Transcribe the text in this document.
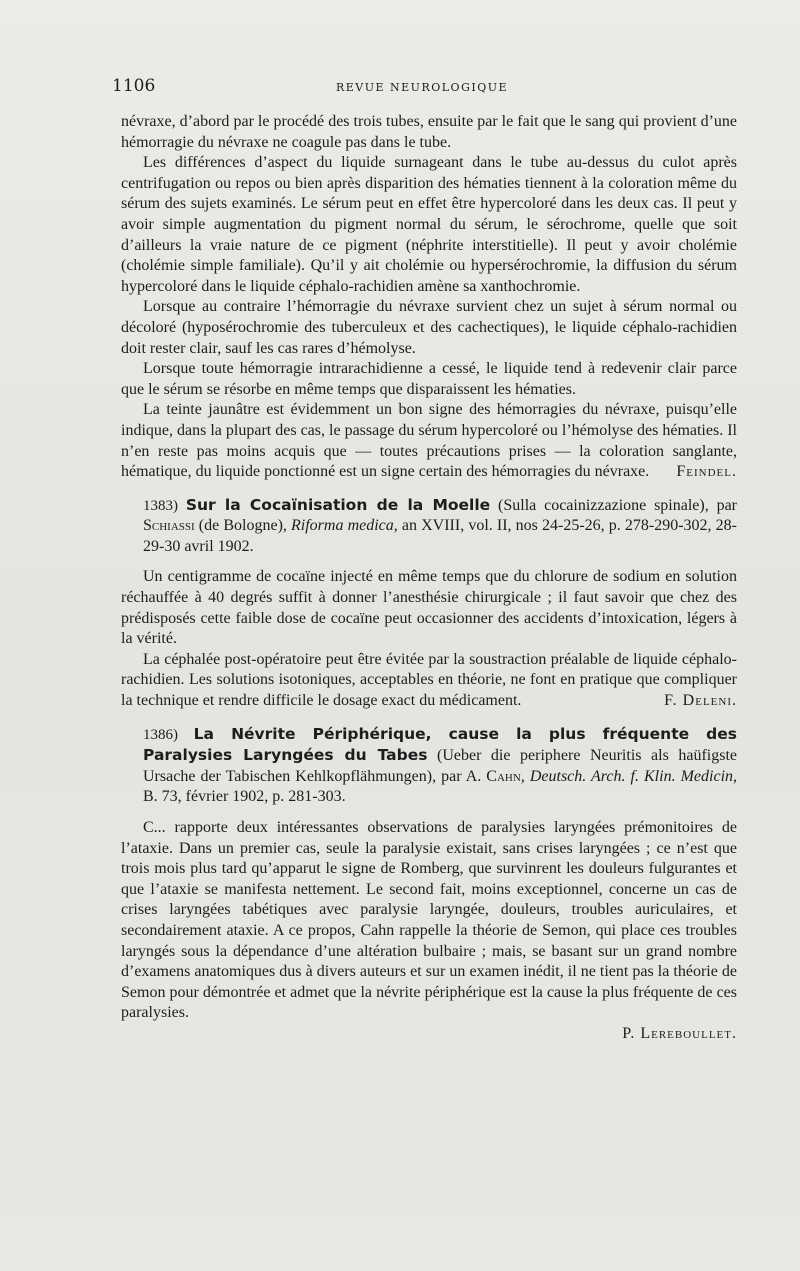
1106	REVUE NEUROLOGIQUE

névraxe, d’abord par le procédé des trois tubes, ensuite par le fait que le sang qui provient d’une hémorragie du névraxe ne coagule pas dans le tube.

Les différences d’aspect du liquide surnageant dans le tube au-dessus du culot après centrifugation ou repos ou bien après disparition des hématies tiennent à la coloration même du sérum des sujets examinés. Le sérum peut en effet être hypercoloré dans les deux cas. Il peut y avoir simple augmentation du pigment normal du sérum, le sérochrome, quelle que soit d’ailleurs la vraie nature de ce pigment (néphrite interstitielle). Il peut y avoir cholémie (cholémie simple familiale). Qu’il y ait cholémie ou hypersérochromie, la diffusion du sérum hypercoloré dans le liquide céphalo-rachidien amène sa xanthochromie.

Lorsque au contraire l’hémorragie du névraxe survient chez un sujet à sérum normal ou décoloré (hyposérochromie des tuberculeux et des cachectiques), le liquide céphalo-rachidien doit rester clair, sauf les cas rares d’hémolyse.

Lorsque toute hémorragie intrarachidienne a cessé, le liquide tend à redevenir clair parce que le sérum se résorbe en même temps que disparaissent les hématies.

La teinte jaunâtre est évidemment un bon signe des hémorragies du névraxe, puisqu’elle indique, dans la plupart des cas, le passage du sérum hypercoloré ou l’hémolyse des hématies. Il n’en reste pas moins acquis que — toutes précautions prises — la coloration sanglante, hématique, du liquide ponctionné est un signe certain des hémorragies du névraxe.	Feindel.

1383) Sur la Cocaïnisation de la Moelle (Sulla cocainizzazione spinale), par Schiassi (de Bologne), Riforma medica, an XVIII, vol. II, nos 24-25-26, p. 278-290-302, 28-29-30 avril 1902.

Un centigramme de cocaïne injecté en même temps que du chlorure de sodium en solution réchauffée à 40 degrés suffit à donner l’anesthésie chirurgicale ; il faut savoir que chez des prédisposés cette faible dose de cocaïne peut occasionner des accidents d’intoxication, légers à la vérité.

La céphalée post-opératoire peut être évitée par la soustraction préalable de liquide céphalo-rachidien. Les solutions isotoniques, acceptables en théorie, ne font en pratique que compliquer la technique et rendre difficile le dosage exact du médicament.	F. Deleni.

1386) La Névrite Périphérique, cause la plus fréquente des Paralysies Laryngées du Tabes (Ueber die periphere Neuritis als haüfigste Ursache der Tabischen Kehlkopflähmungen), par A. Cahn, Deutsch. Arch. f. Klin. Medicin, B. 73, février 1902, p. 281-303.

C... rapporte deux intéressantes observations de paralysies laryngées prémonitoires de l’ataxie. Dans un premier cas, seule la paralysie existait, sans crises laryngées ; ce n’est que trois mois plus tard qu’apparut le signe de Romberg, que survinrent les douleurs fulgurantes et que l’ataxie se manifesta nettement. Le second fait, moins exceptionnel, concerne un cas de crises laryngées tabétiques avec paralysie laryngée, douleurs, troubles auriculaires, et secondairement ataxie. A ce propos, Cahn rappelle la théorie de Semon, qui place ces troubles laryngés sous la dépendance d’une altération bulbaire ; mais, se basant sur un grand nombre d’examens anatomiques dus à divers auteurs et sur un examen inédit, il ne tient pas la théorie de Semon pour démontrée et admet que la névrite périphérique est la cause la plus fréquente de ces paralysies.

P. Lereboullet.
